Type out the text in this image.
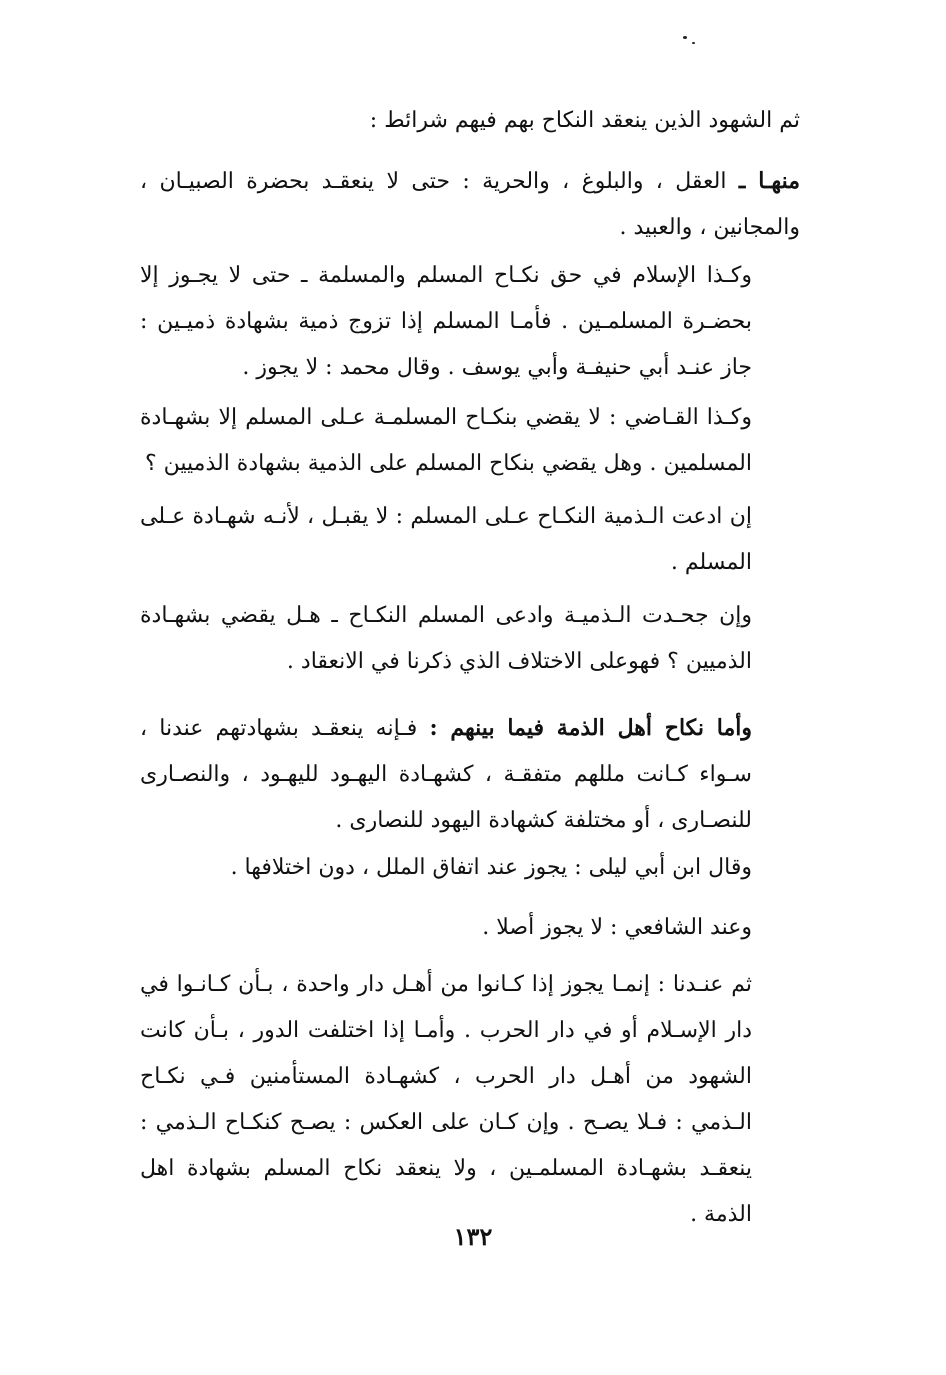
ثم الشهود الذين ينعقد النكاح بهم فيهم شرائط :
منهـا ـ العقل ، والبلوغ ، والحرية : حتى لا ينعقـد بحضرة الصبيـان ، والمجانين ، والعبيد .
وكـذا الإسلام في حق نكـاح المسلم والمسلمة ـ حتى لا يجـوز إلا بحضـرة المسلمـين . فأمـا المسلم إذا تزوج ذمية بشهادة ذميـين : جاز عنـد أبي حنيفـة وأبي يوسف . وقال محمد : لا يجوز .
وكـذا القـاضي : لا يقضي بنكـاح المسلمـة عـلى المسلم إلا بشهـادة المسلمين . وهل يقضي بنكاح المسلم على الذمية بشهادة الذميين ؟
إن ادعت الـذمية النكـاح عـلى المسلم : لا يقبـل ، لأنـه شهـادة عـلى المسلم .
وإن جحـدت الـذميـة وادعى المسلم النكـاح ـ هـل يقضي بشهـادة الذميين ؟ فهوعلى الاختلاف الذي ذكرنا في الانعقاد .
وأما نكاح أهل الذمة فيما بينهم : فـإنه ينعقـد بشهادتهم عندنا ، سـواء كـانت مللهم متفقـة ، كشهـادة اليهـود لليهـود ، والنصـارى للنصـارى ، أو مختلفة كشهادة اليهود للنصارى .
وقال ابن أبي ليلى : يجوز عند اتفاق الملل ، دون اختلافها .
وعند الشافعي : لا يجوز أصلا .
ثم عنـدنا : إنمـا يجوز إذا كـانوا من أهـل دار واحدة ، بـأن كـانـوا في دار الإسـلام أو في دار الحرب . وأمـا إذا اختلفت الدور ، بـأن كانت الشهود من أهـل دار الحرب ، كشهـادة المستأمنين فـي نكـاح الـذمي : فـلا يصـح . وإن كـان على العكس : يصـح كنكـاح الـذمي : ينعقـد بشهـادة المسلمـين ، ولا ينعقد نكاح المسلم بشهادة اهل الذمة .
١٣٢
